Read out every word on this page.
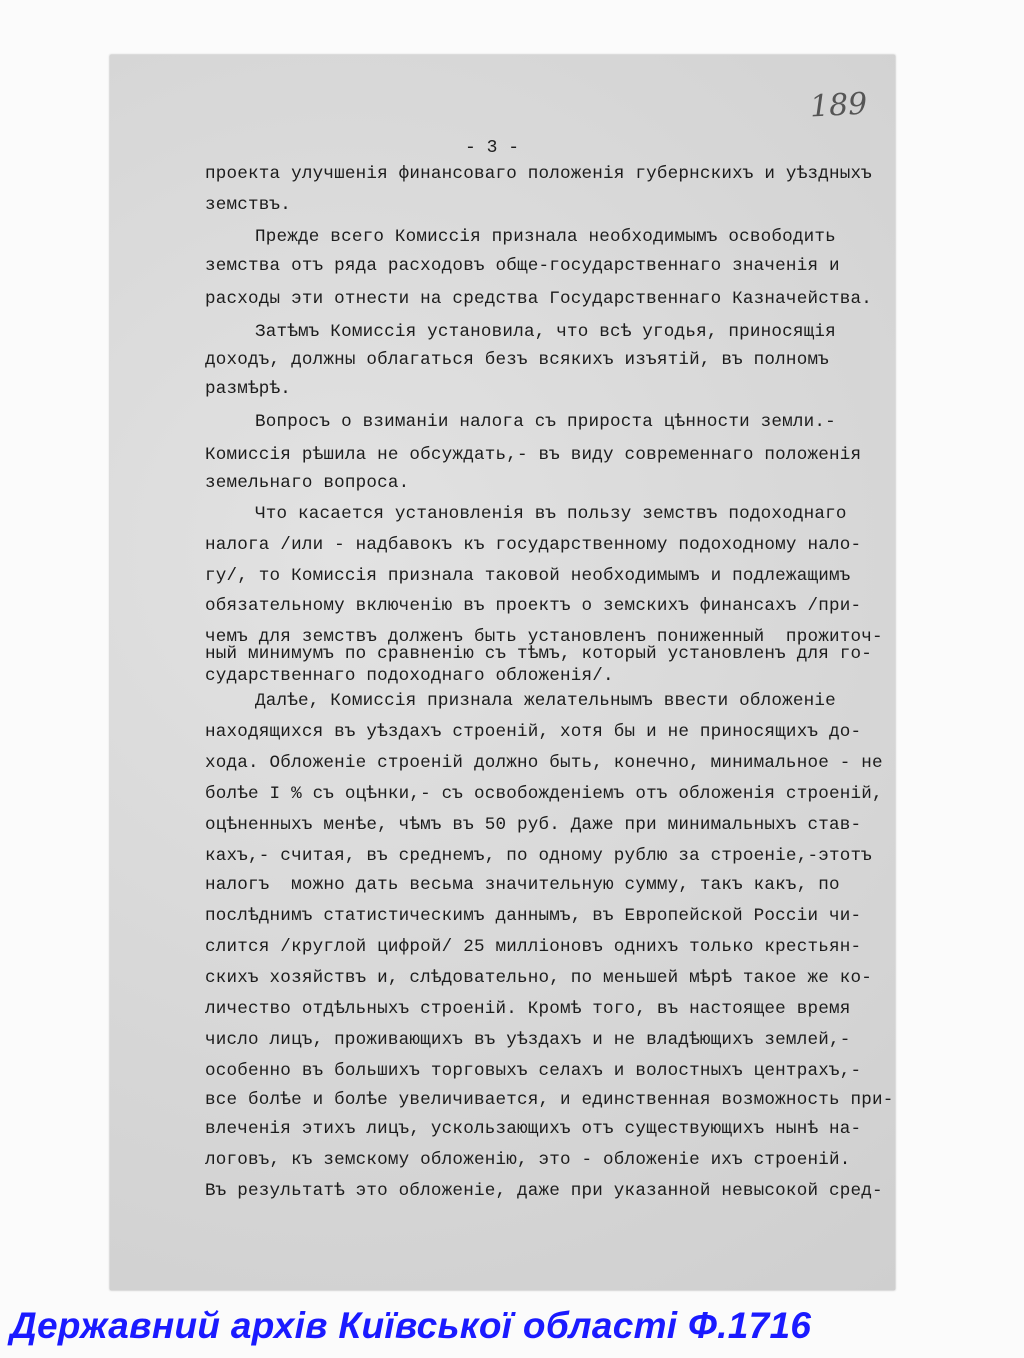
189
- 3 -
проекта улучшенія финансоваго положенія губернскихъ и уѣздныхъ
земствъ.
Прежде всего Комиссія признала необходимымъ освободить
земства отъ ряда расходовъ обще-государственнаго значенія и
расходы эти отнести на средства Государственнаго Казначейства.
Затѣмъ Комиссія установила, что всѣ угодья, приносящія
доходъ, должны облагаться безъ всякихъ изъятій, въ полномъ
размѣрѣ.
Вопросъ о взиманіи налога съ прироста цѣнности земли.-
Комиссія рѣшила не обсуждать,- въ виду современнаго положенія
земельнаго вопроса.
Что касается установленія въ пользу земствъ подоходнаго
налога /или - надбавокъ къ государственному подоходному нало-
гу/, то Комиссія признала таковой необходимымъ и подлежащимъ
обязательному включенію въ проектъ о земскихъ финансахъ /при-
чемъ для земствъ долженъ быть установленъ пониженный  прожиточ-
ный минимумъ по сравненію съ тѣмъ, который установленъ для го-
сударственнаго подоходнаго обложенія/.
Далѣе, Комиссія признала желательнымъ ввести обложеніе
находящихся въ уѣздахъ строеній, хотя бы и не приносящихъ до-
хода. Обложеніе строеній должно быть, конечно, минимальное - не
болѣе I % съ оцѣнки,- съ освобожденіемъ отъ обложенія строеній,
оцѣненныхъ менѣе, чѣмъ въ 50 руб. Даже при минимальныхъ став-
кахъ,- считая, въ среднемъ, по одному рублю за строеніе,-этотъ
налогъ  можно дать весьма значительную сумму, такъ какъ, по
послѣднимъ статистическимъ даннымъ, въ Европейской Россіи чи-
слится /круглой цифрой/ 25 милліоновъ однихъ только крестьян-
скихъ хозяйствъ и, слѣдовательно, по меньшей мѣрѣ такое же ко-
личество отдѣльныхъ строеній. Кромѣ того, въ настоящее время
число лицъ, проживающихъ въ уѣздахъ и не владѣющихъ землей,-
особенно въ большихъ торговыхъ селахъ и волостныхъ центрахъ,-
все болѣе и болѣе увеличивается, и единственная возможность при-
влеченія этихъ лицъ, ускользающихъ отъ существующихъ нынѣ на-
логовъ, къ земскому обложенію, это - обложеніе ихъ строеній.
Въ результатѣ это обложеніе, даже при указанной невысокой сред-
Державний архів Київської області Ф.1716
